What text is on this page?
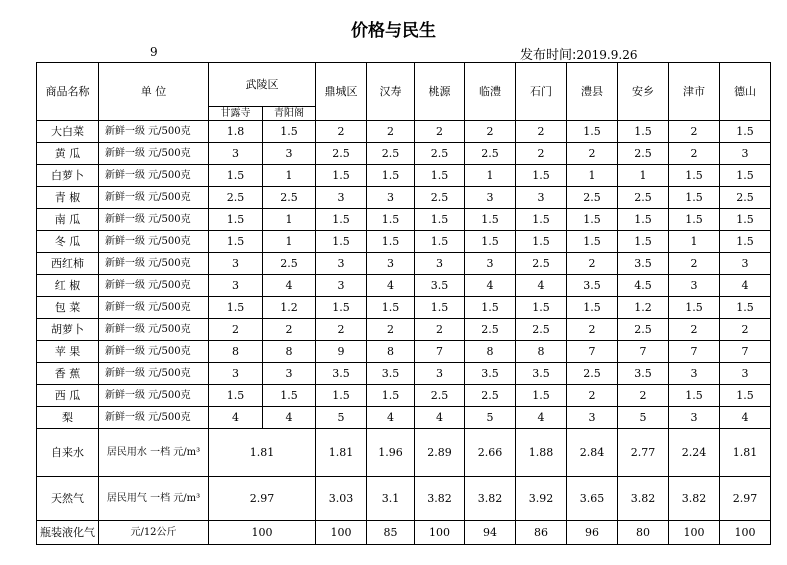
价格与民生
9	发布时间:2019.9.26
商品名称	单 位	武陵区		鼎城区	汉寿	桃源	临澧	石门	澧县	安乡	津市	德山
		甘露寺	青阳阁									
大白菜	新鲜一级 元/500克	1.8	1.5	2	2	2	2	2	1.5	1.5	2	1.5
黄 瓜	新鲜一级 元/500克	3	3	2.5	2.5	2.5	2.5	2	2	2.5	2	3
白萝卜	新鲜一级 元/500克	1.5	1	1.5	1.5	1.5	1	1.5	1	1	1.5	1.5
青 椒	新鲜一级 元/500克	2.5	2.5	3	3	2.5	3	3	2.5	2.5	1.5	2.5
南 瓜	新鲜一级 元/500克	1.5	1	1.5	1.5	1.5	1.5	1.5	1.5	1.5	1.5	1.5
冬 瓜	新鲜一级 元/500克	1.5	1	1.5	1.5	1.5	1.5	1.5	1.5	1.5	1	1.5
西红柿	新鲜一级 元/500克	3	2.5	3	3	3	3	2.5	2	3.5	2	3
红 椒	新鲜一级 元/500克	3	4	3	4	3.5	4	4	3.5	4.5	3	4
包 菜	新鲜一级 元/500克	1.5	1.2	1.5	1.5	1.5	1.5	1.5	1.5	1.2	1.5	1.5
胡萝卜	新鲜一级 元/500克	2	2	2	2	2	2.5	2.5	2	2.5	2	2
苹 果	新鲜一级 元/500克	8	8	9	8	7	8	8	7	7	7	7
香 蕉	新鲜一级 元/500克	3	3	3.5	3.5	3	3.5	3.5	2.5	3.5	3	3
西 瓜	新鲜一级 元/500克	1.5	1.5	1.5	1.5	2.5	2.5	1.5	2	2	1.5	1.5
梨	新鲜一级 元/500克	4	4	5	4	4	5	4	3	5	3	4
自来水	居民用水 一档 元/m³	1.81		1.81	1.96	2.89	2.66	1.88	2.84	2.77	2.24	1.81
天然气	居民用气 一档 元/m³	2.97		3.03	3.1	3.82	3.82	3.92	3.65	3.82	3.82	2.97
瓶装液化气	元/12公斤	100		100	85	100	94	86	96	80	100	100
